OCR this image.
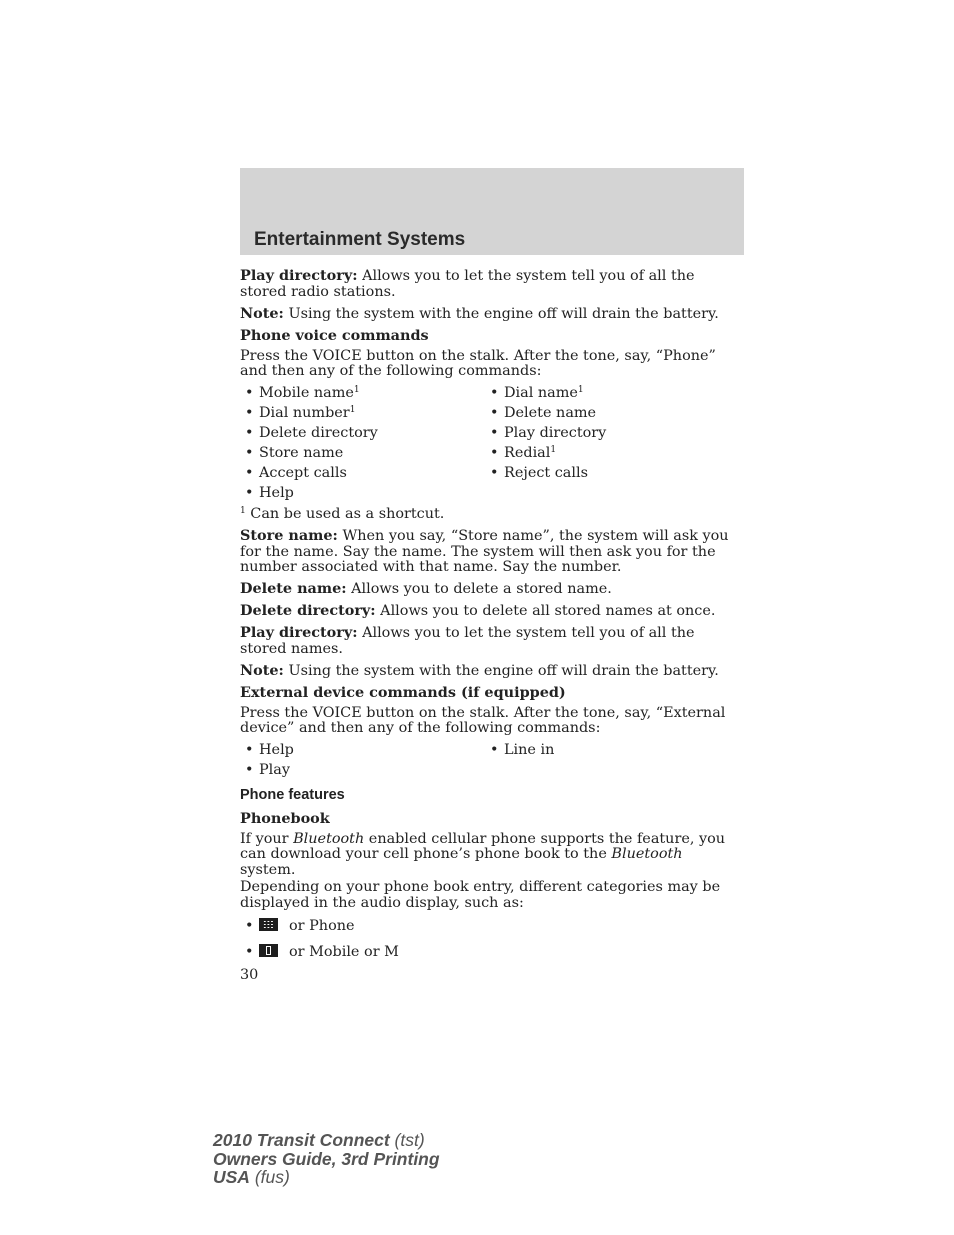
Entertainment Systems

Play directory: Allows you to let the system tell you of all the stored radio stations.

Note: Using the system with the engine off will drain the battery.

Phone voice commands

Press the VOICE button on the stalk. After the tone, say, “Phone” and then any of the following commands:

• Mobile name$^1$
• Dial number$^1$
• Delete directory
• Store name
• Accept calls
• Help
• Dial name$^1$
• Delete name
• Play directory
• Redial$^1$
• Reject calls

$^1$ Can be used as a shortcut.

Store name: When you say, “Store name”, the system will ask you for the name. Say the name. The system will then ask you for the number associated with that name. Say the number.

Delete name: Allows you to delete a stored name.

Delete directory: Allows you to delete all stored names at once.

Play directory: Allows you to let the system tell you of all the stored names.

Note: Using the system with the engine off will drain the battery.

External device commands (if equipped)

Press the VOICE button on the stalk. After the tone, say, “External device” and then any of the following commands:

• Help
• Play
• Line in
Phone features

Phonebook

If your Bluetooth enabled cellular phone supports the feature, you can download your cell phone’s phone book to the Bluetooth system.

Depending on your phone book entry, different categories may be displayed in the audio display, such as:

• or Phone
• or Mobile or M
30
2010 Transit Connect (tst)
Owners Guide, 3rd Printing
USA (fus)
